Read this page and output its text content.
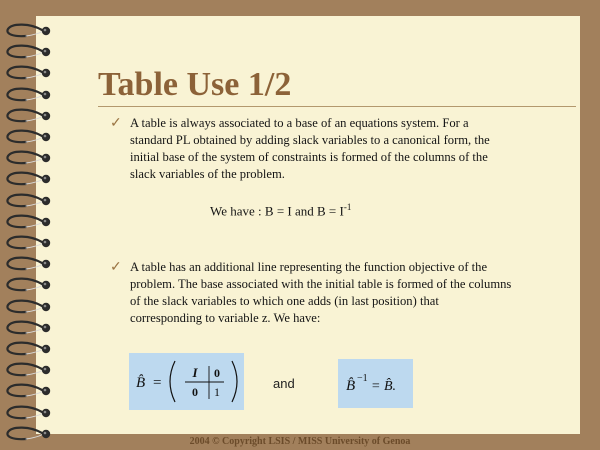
Table Use 1/2
✓ A table is always associated to a base of an equations system. For a
standard PL obtained by adding slack variables to a canonical form, the
initial base of the system of constraints is formed of the columns of the
slack variables of the problem.

We have : B = I and $B = I^{-1}$
✓ A table has an additional line representing the function objective of the
problem. The base associated with the initial table is formed of the columns
of the slack variables to which one adds (in last position) that
corresponding to variable z. We have:

B̂ =
I 0
0 1
and	B̂ −1
= B̂.
2004 © Copyright LSIS / MISS University of Genoa
